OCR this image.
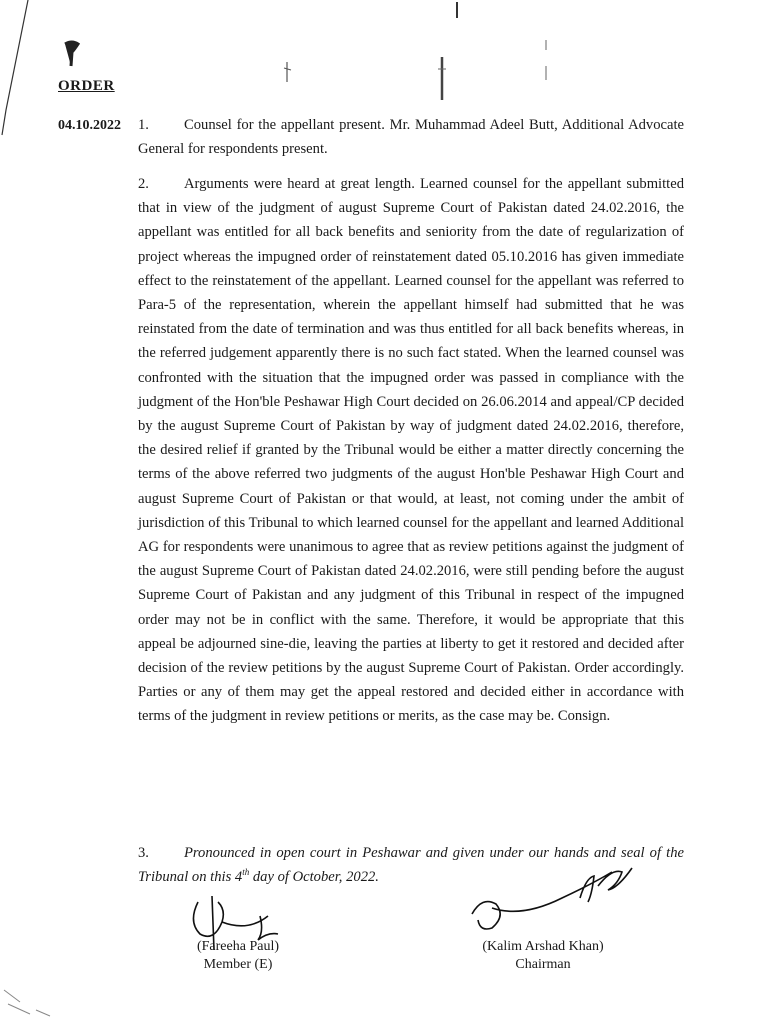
ORDER
04.10.2022 1. Counsel for the appellant present. Mr. Muhammad Adeel Butt, Additional Advocate General for respondents present.
2. Arguments were heard at great length. Learned counsel for the appellant submitted that in view of the judgment of august Supreme Court of Pakistan dated 24.02.2016, the appellant was entitled for all back benefits and seniority from the date of regularization of project whereas the impugned order of reinstatement dated 05.10.2016 has given immediate effect to the reinstatement of the appellant. Learned counsel for the appellant was referred to Para-5 of the representation, wherein the appellant himself had submitted that he was reinstated from the date of termination and was thus entitled for all back benefits whereas, in the referred judgement apparently there is no such fact stated. When the learned counsel was confronted with the situation that the impugned order was passed in compliance with the judgment of the Hon'ble Peshawar High Court decided on 26.06.2014 and appeal/CP decided by the august Supreme Court of Pakistan by way of judgment dated 24.02.2016, therefore, the desired relief if granted by the Tribunal would be either a matter directly concerning the terms of the above referred two judgments of the august Hon'ble Peshawar High Court and august Supreme Court of Pakistan or that would, at least, not coming under the ambit of jurisdiction of this Tribunal to which learned counsel for the appellant and learned Additional AG for respondents were unanimous to agree that as review petitions against the judgment of the august Supreme Court of Pakistan dated 24.02.2016, were still pending before the august Supreme Court of Pakistan and any judgment of this Tribunal in respect of the impugned order may not be in conflict with the same. Therefore, it would be appropriate that this appeal be adjourned sine-die, leaving the parties at liberty to get it restored and decided after decision of the review petitions by the august Supreme Court of Pakistan. Order accordingly. Parties or any of them may get the appeal restored and decided either in accordance with terms of the judgment in review petitions or merits, as the case may be. Consign.
3. Pronounced in open court in Peshawar and given under our hands and seal of the Tribunal on this 4th day of October, 2022.
(Fareeha Paul)
Member (E)
(Kalim Arshad Khan)
Chairman
